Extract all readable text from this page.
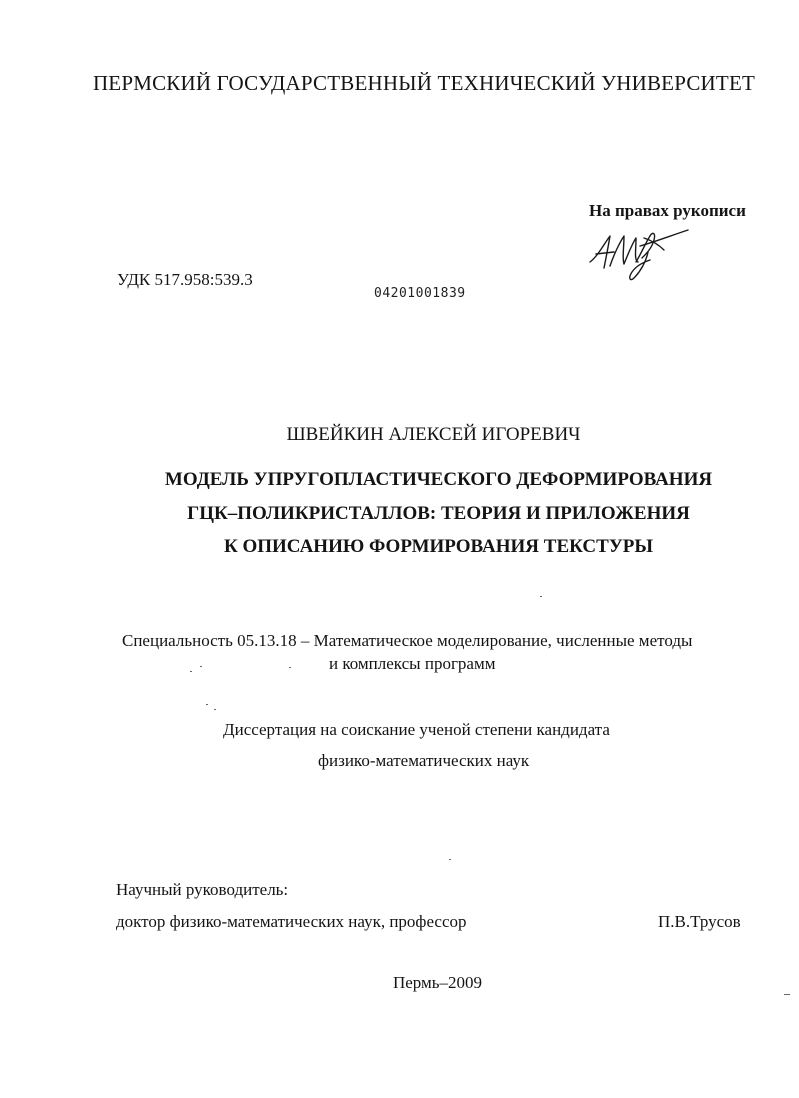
ПЕРМСКИЙ ГОСУДАРСТВЕННЫЙ ТЕХНИЧЕСКИЙ УНИВЕРСИТЕТ
На правах рукописи
УДК 517.958:539.3
04201001839
ШВЕЙКИН АЛЕКСЕЙ ИГОРЕВИЧ
МОДЕЛЬ УПРУГОПЛАСТИЧЕСКОГО ДЕФОРМИРОВАНИЯ
ГЦК–ПОЛИКРИСТАЛЛОВ: ТЕОРИЯ И ПРИЛОЖЕНИЯ
К ОПИСАНИЮ ФОРМИРОВАНИЯ ТЕКСТУРЫ
Специальность 05.13.18 – Математическое моделирование, численные методы
и комплексы программ
Диссертация на соискание ученой степени кандидата
физико-математических наук
Научный руководитель:
доктор физико-математических наук, профессор	П.В.Трусов
Пермь–2009
